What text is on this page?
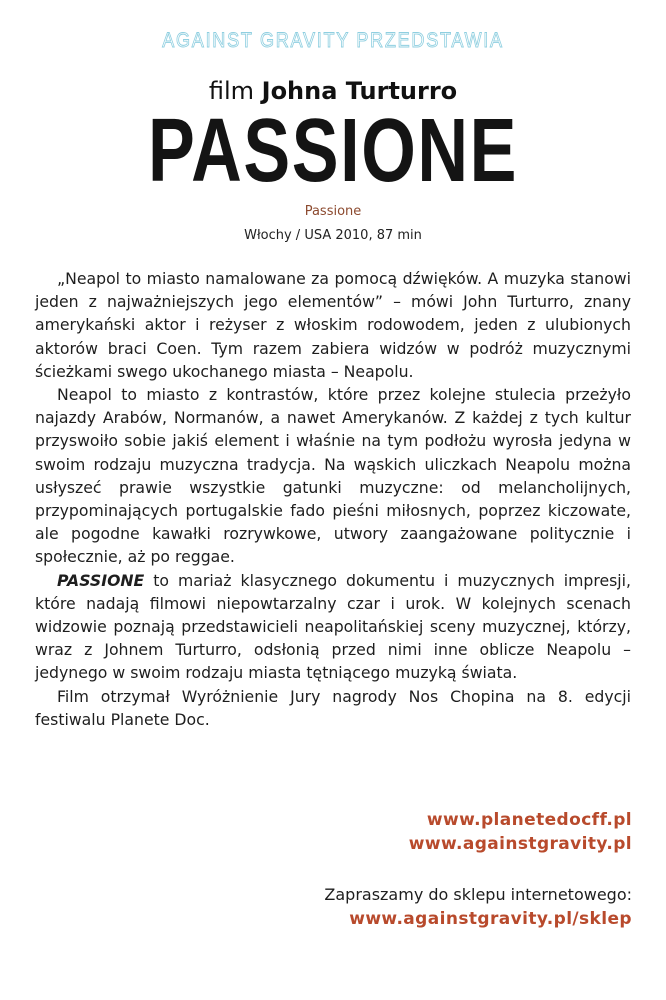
AGAINST GRAVITY PRZEDSTAWIA
film Johna Turturro
PASSIONE
Passione
Włochy / USA 2010, 87 min

„Neapol to miasto namalowane za pomocą dźwięków. A muzyka stanowi jeden z najważniejszych jego elementów” – mówi John Turturro, znany amerykański aktor i reżyser z włoskim rodowodem, jeden z ulubionych aktorów braci Coen. Tym razem zabiera widzów w podróż muzycznymi ścieżkami swego ukochanego miasta – Neapolu.

Neapol to miasto z kontrastów, które przez kolejne stulecia przeżyło najazdy Arabów, Normanów, a nawet Amerykanów. Z każdej z tych kultur przyswoiło sobie jakiś element i właśnie na tym podłożu wyrosła jedyna w swoim rodzaju muzyczna tradycja. Na wąskich uliczkach Neapolu można usłyszeć prawie wszystkie gatunki muzyczne: od melancholijnych, przypominających portugalskie fado pieśni miłosnych, poprzez kiczowate, ale pogodne kawałki rozrywkowe, utwory zaangażowane politycznie i społecznie, aż po reggae.

PASSIONE to mariaż klasycznego dokumentu i muzycznych impresji, które nadają filmowi niepowtarzalny czar i urok. W kolejnych scenach widzowie poznają przedstawicieli neapolitańskiej sceny muzycznej, którzy, wraz z Johnem Turturro, odsłonią przed nimi inne oblicze Neapolu – jedynego w swoim rodzaju miasta tętniącego muzyką świata.

Film otrzymał Wyróżnienie Jury nagrody Nos Chopina na 8. edycji festiwalu Planete Doc.

www.planetedocff.pl
www.againstgravity.pl
Zapraszamy do sklepu internetowego:
www.againstgravity.pl/sklep
